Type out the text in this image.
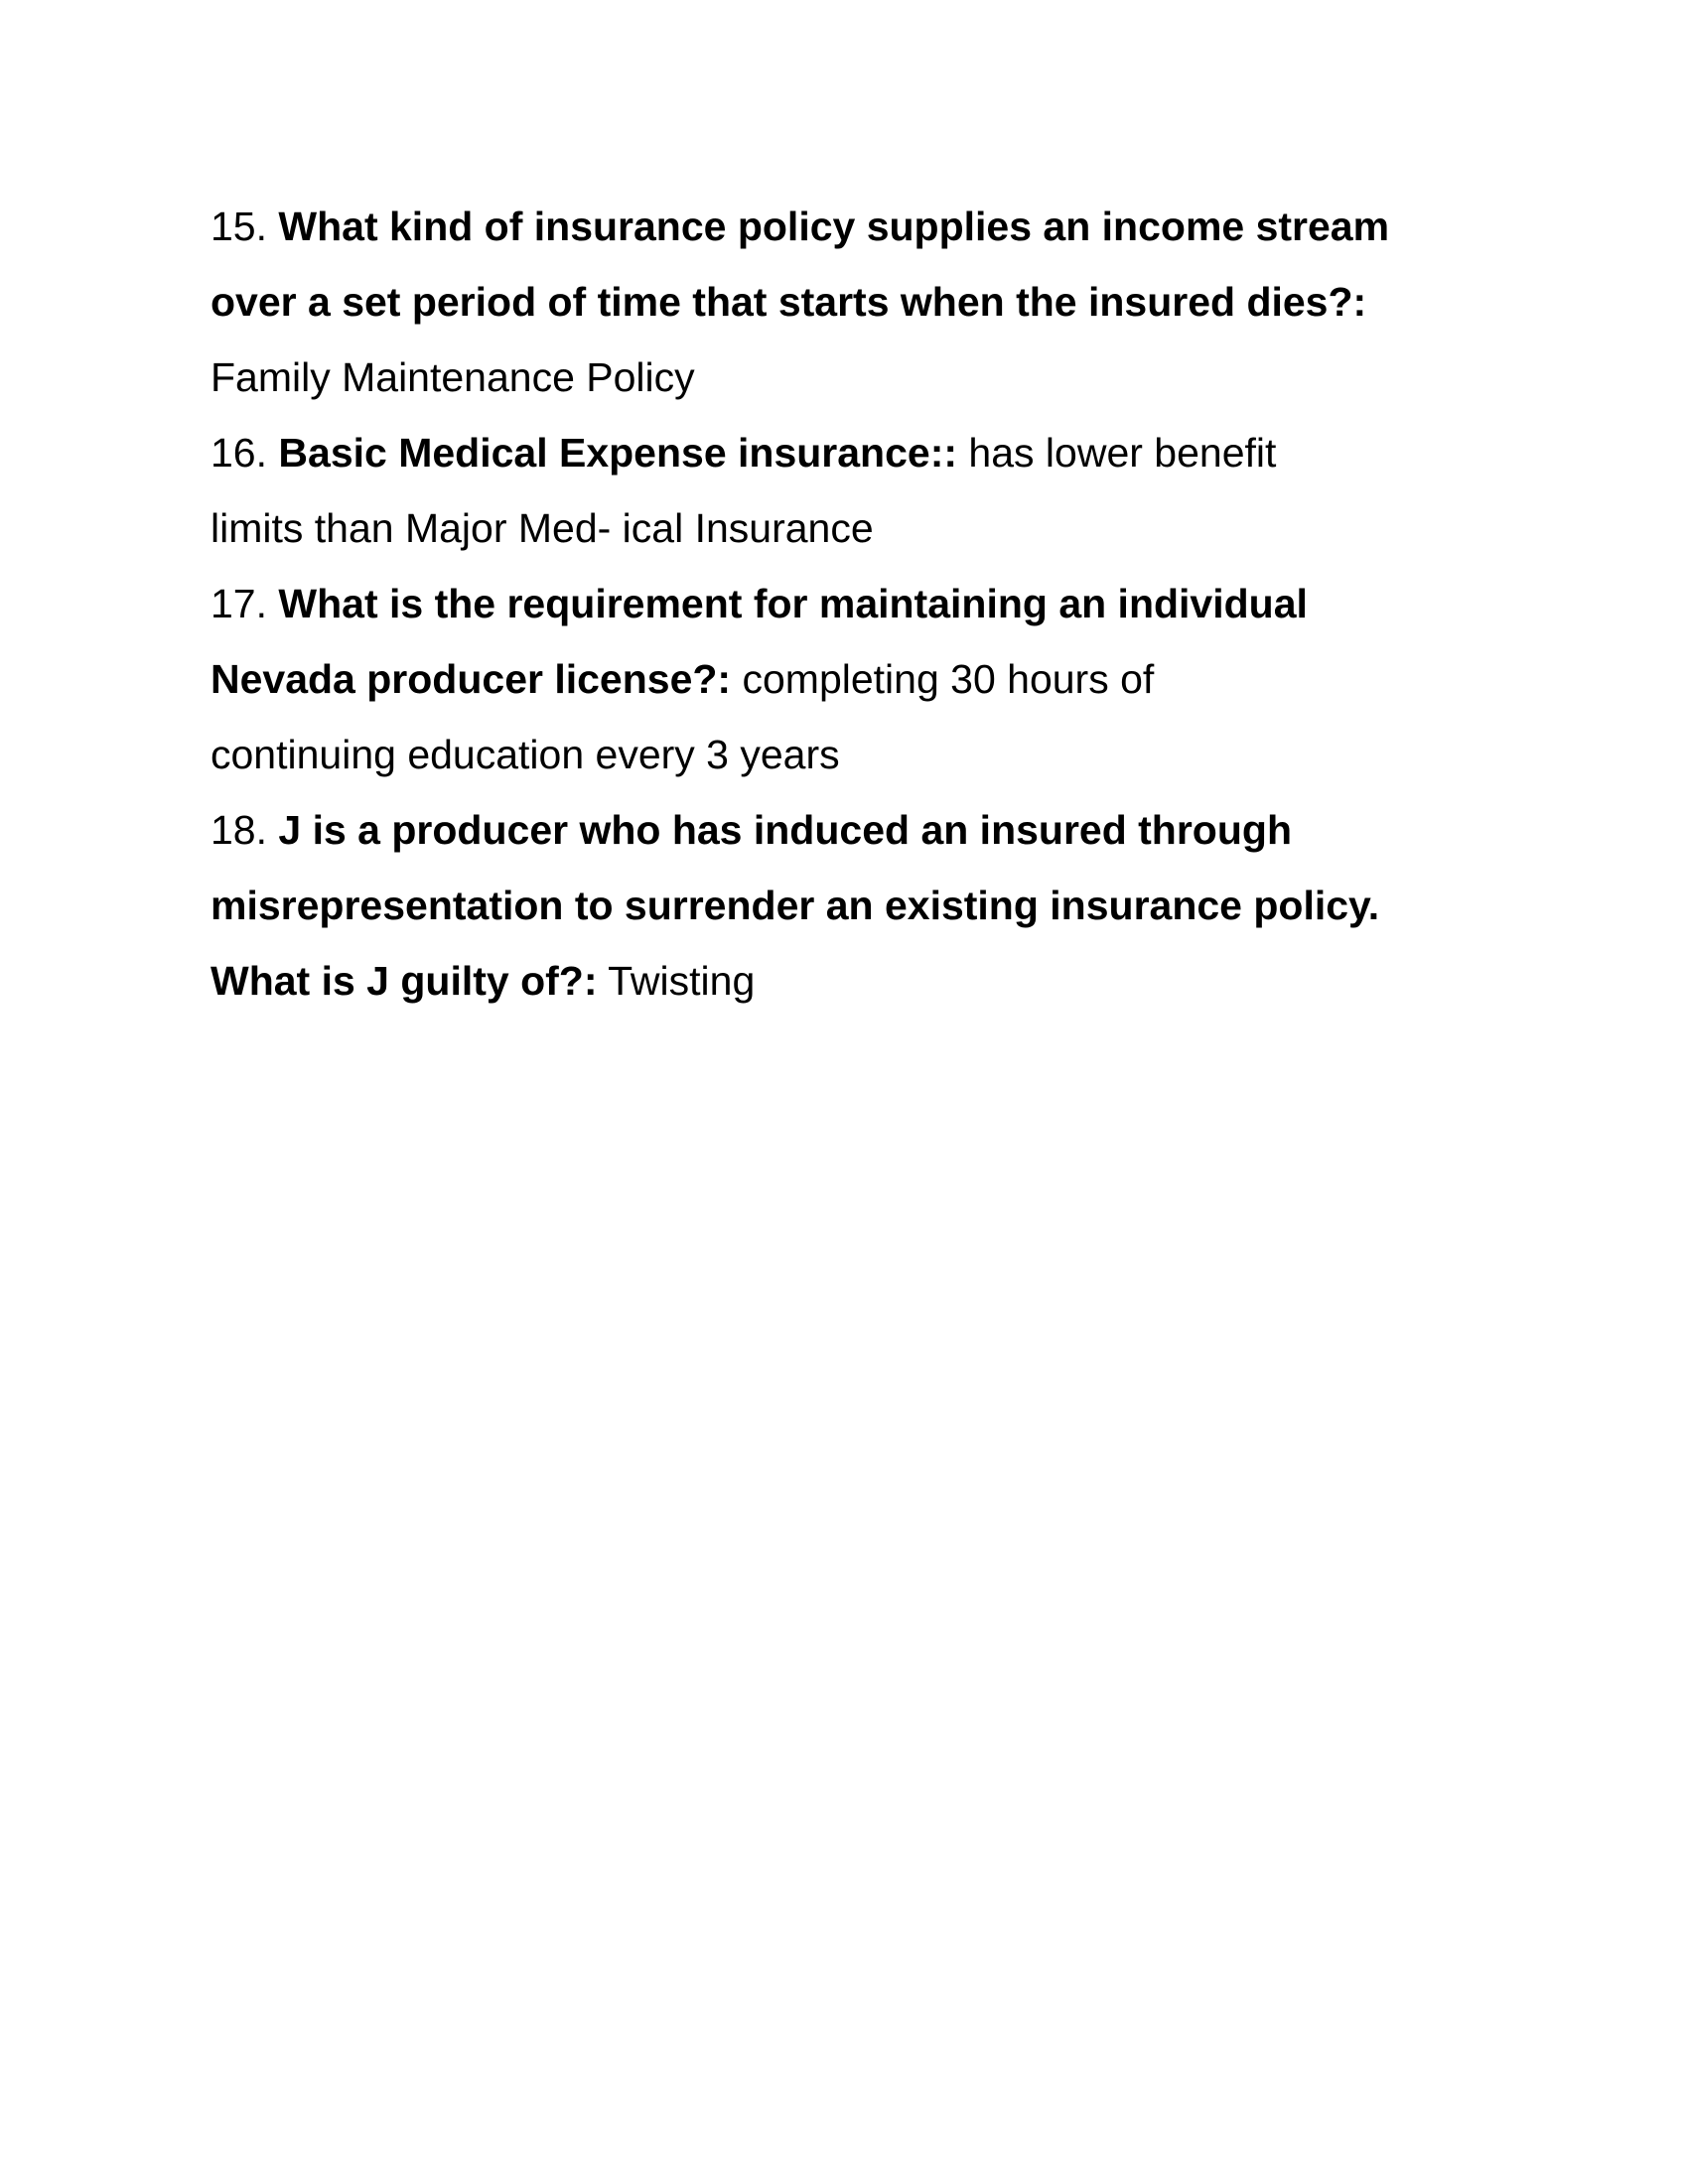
15. What kind of insurance policy supplies an income stream
over a set period of time that starts when the insured dies?:
Family Maintenance Policy
16. Basic Medical Expense insurance:: has lower benefit
limits than Major Med- ical Insurance
17. What is the requirement for maintaining an individual
Nevada producer license?: completing 30 hours of
continuing education every 3 years
18. J is a producer who has induced an insured through
misrepresentation to surrender an existing insurance policy.
What is J guilty of?: Twisting
